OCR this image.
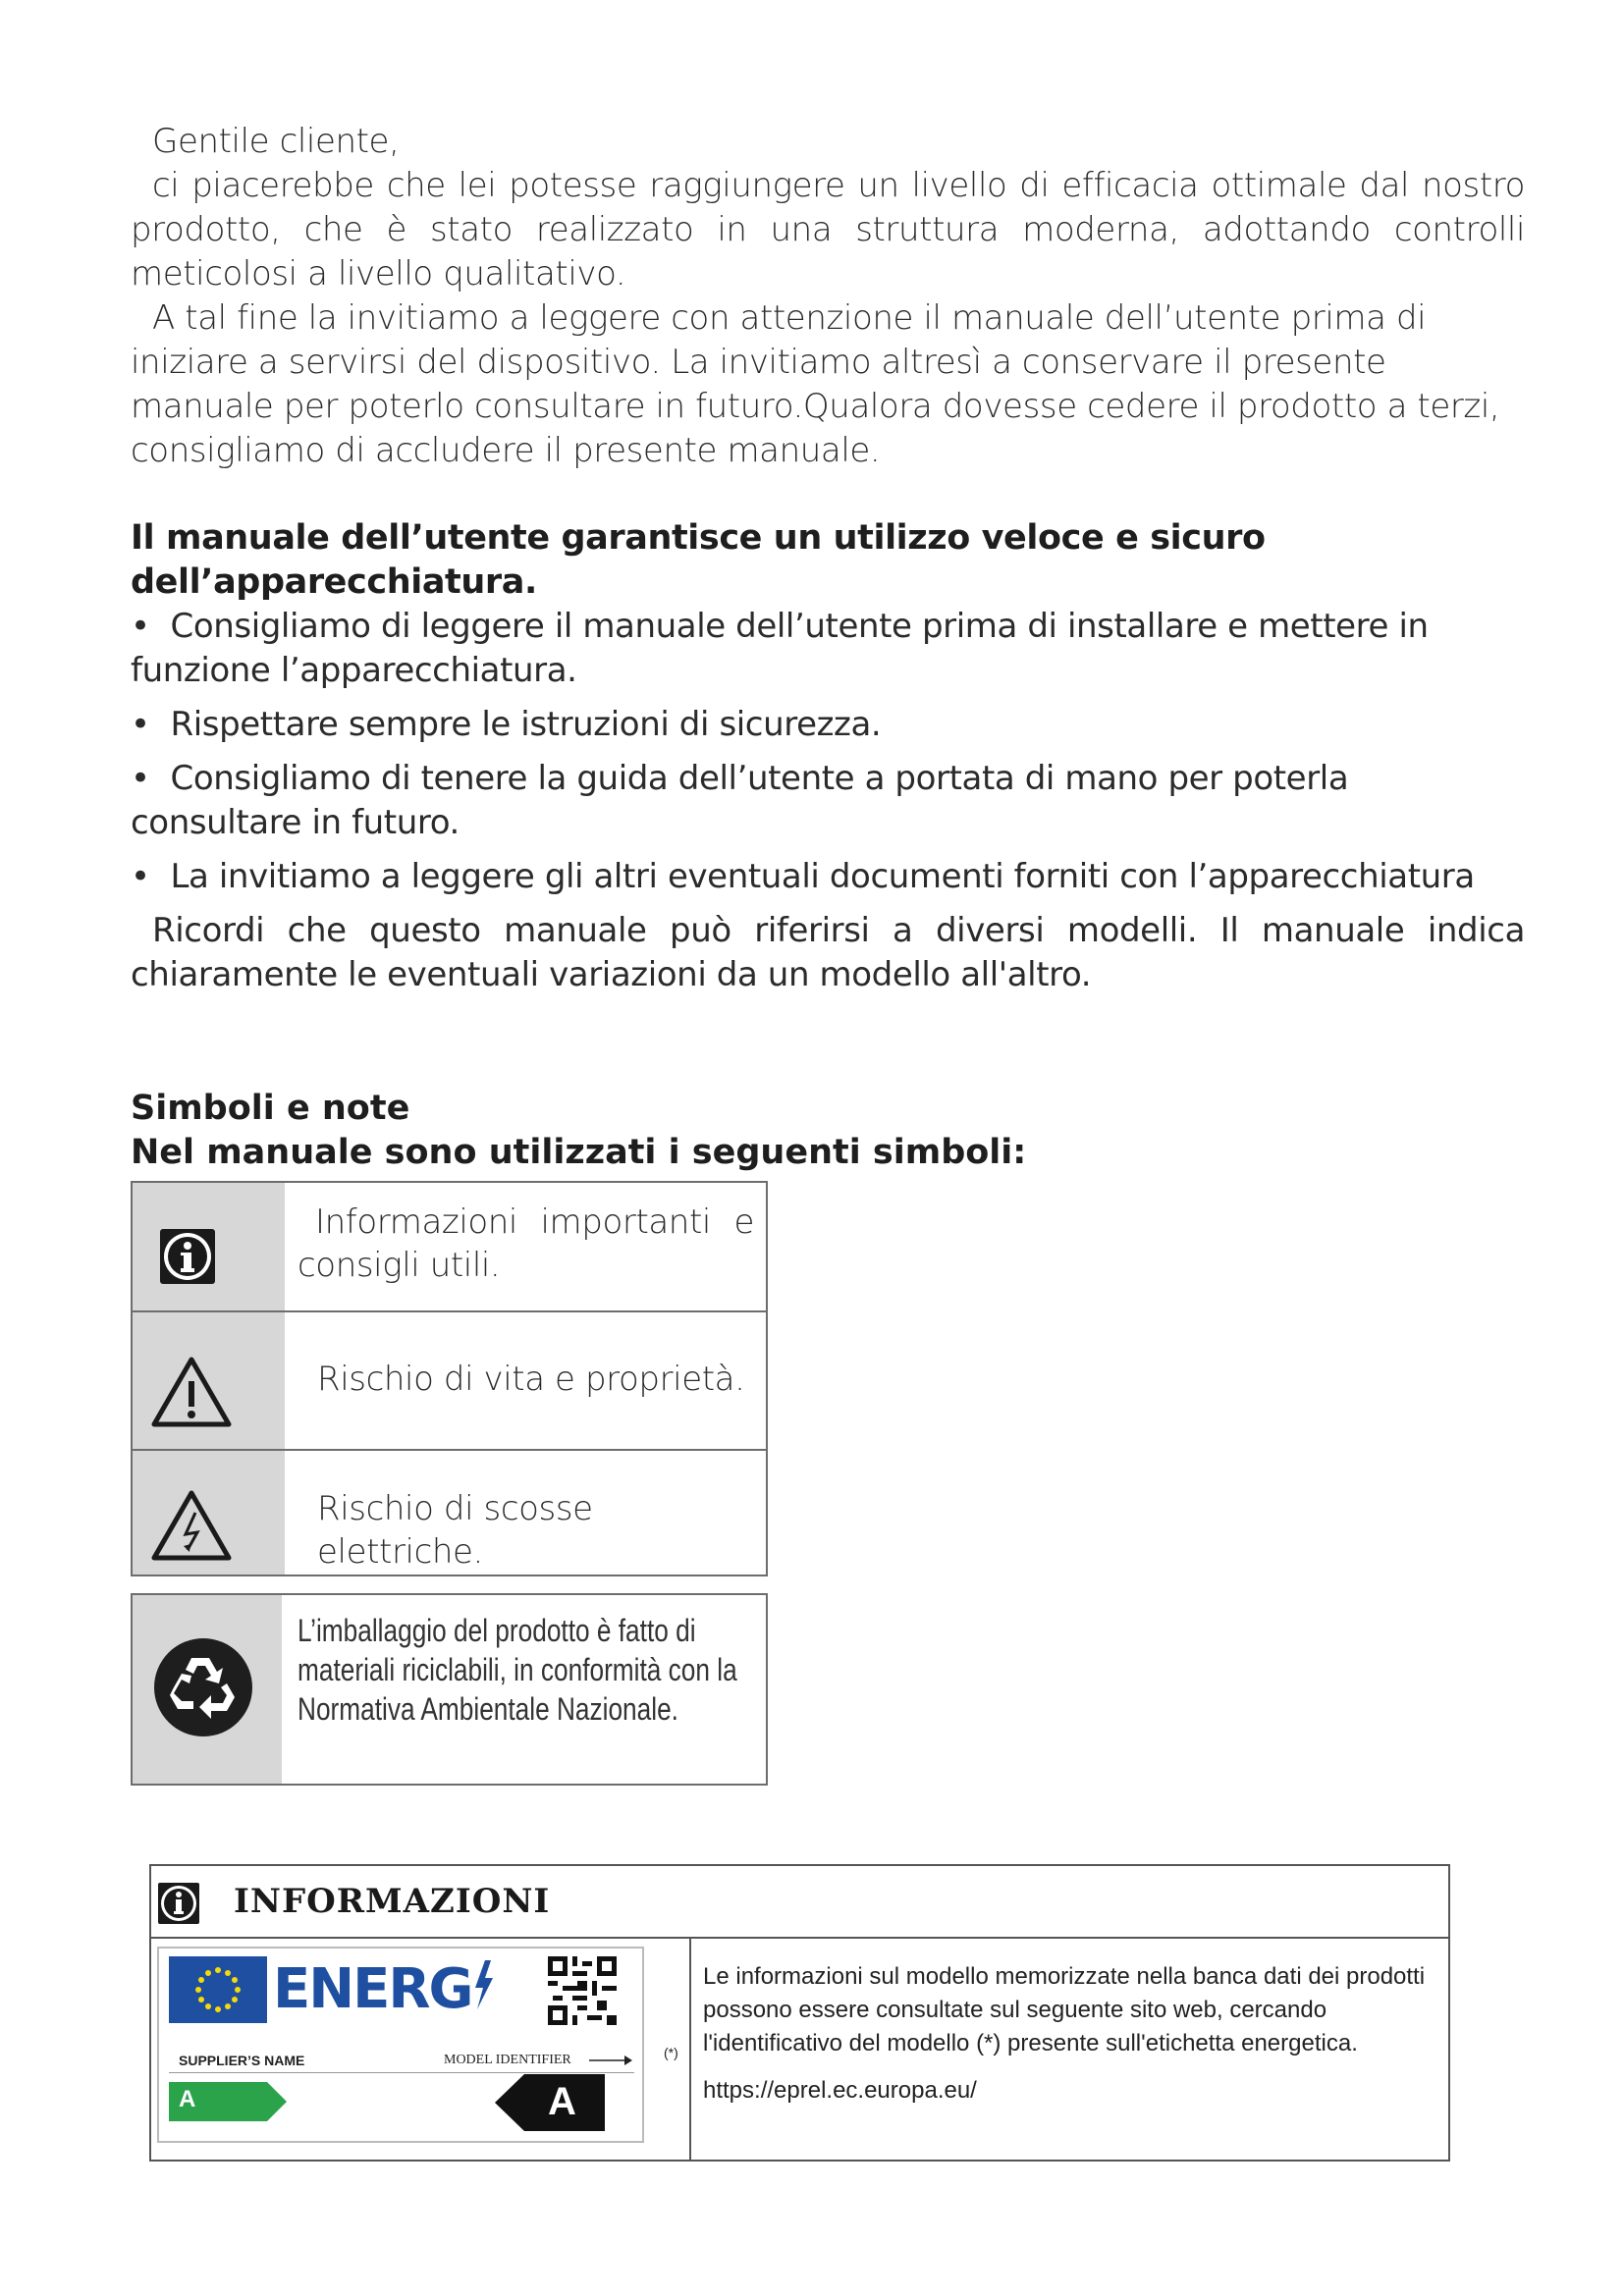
Gentile cliente,

ci piacerebbe che lei potesse raggiungere un livello di efficacia ottimale dal nostro prodotto, che è stato realizzato in una struttura moderna, adottando controlli meticolosi a livello qualitativo.

A tal fine la invitiamo a leggere con attenzione il manuale dell’utente prima di iniziare a servirsi del dispositivo. La invitiamo altresì a conservare il presente manuale per poterlo consultare in futuro.Qualora dovesse cedere il prodotto a terzi, consigliamo di accludere il presente manuale.

Il manuale dell’utente garantisce un utilizzo veloce e sicuro

dell’apparecchiatura.

• Consigliamo di leggere il manuale dell’utente prima di installare e mettere in funzione l’apparecchiatura.

• Rispettare sempre le istruzioni di sicurezza.

• Consigliamo di tenere la guida dell’utente a portata di mano per poterla consultare in futuro.

• La invitiamo a leggere gli altri eventuali documenti forniti con l’apparecchiatura

Ricordi che questo manuale può riferirsi a diversi modelli. Il manuale indica chiaramente le eventuali variazioni da un modello all'altro.

Simboli e note

Nel manuale sono utilizzati i seguenti simboli:

Informazioni importanti e consigli utili.
Rischio di vita e proprietà.
Rischio di scosse elettriche.
L’imballaggio del prodotto è fatto di materiali riciclabili, in conformità con la Normativa Ambientale Nazionale.
INFORMAZIONI
ENERG
SUPPLIER’S NAME	MODEL IDENTIFIER	(*)
A	A

Le informazioni sul modello memorizzate nella banca dati dei prodotti possono essere consultate sul seguente sito web, cercando l'identificativo del modello (*) presente sull'etichetta energetica.

https://eprel.ec.europa.eu/
